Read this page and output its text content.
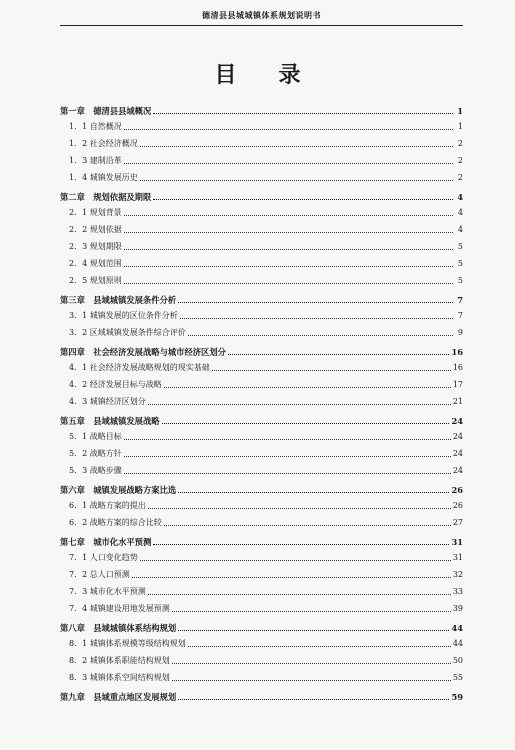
德清县县城城镇体系规划说明书
目录
第一章　德清县县域概况	1
1．1 自然概况	1
1．2 社会经济概况	2
1．3 建制沿革	2
1．4 城镇发展历史	2
第二章　规划依据及期限	4
2．1 规划背景	4
2．2 规划依据	4
2．3 规划期限	5
2．4 规划范围	5
2．5 规划原则	5
第三章　县域城镇发展条件分析	7
3．1 城镇发展的区位条件分析	7
3．2 区域城镇发展条件综合评价	9
第四章　社会经济发展战略与城市经济区划分	16
4．1 社会经济发展战略规划的现实基础	16
4．2 经济发展目标与战略	17
4．3 城镇经济区划分	21
第五章　县域城镇发展战略	24
5．1 战略目标	24
5．2 战略方针	24
5．3 战略步骤	24
第六章　城镇发展战略方案比选	26
6．1 战略方案的提出	26
6．2 战略方案的综合比较	27
第七章　城市化水平预测	31
7．1 人口变化趋势	31
7．2 总人口预测	32
7．3 城市化水平预测	33
7．4 城镇建设用地发展预测	39
第八章　县域城镇体系结构规划	44
8．1 城镇体系规模等级结构规划	44
8．2 城镇体系职能结构规划	50
8．3 城镇体系空间结构规划	55
第九章　县域重点地区发展规划	59
